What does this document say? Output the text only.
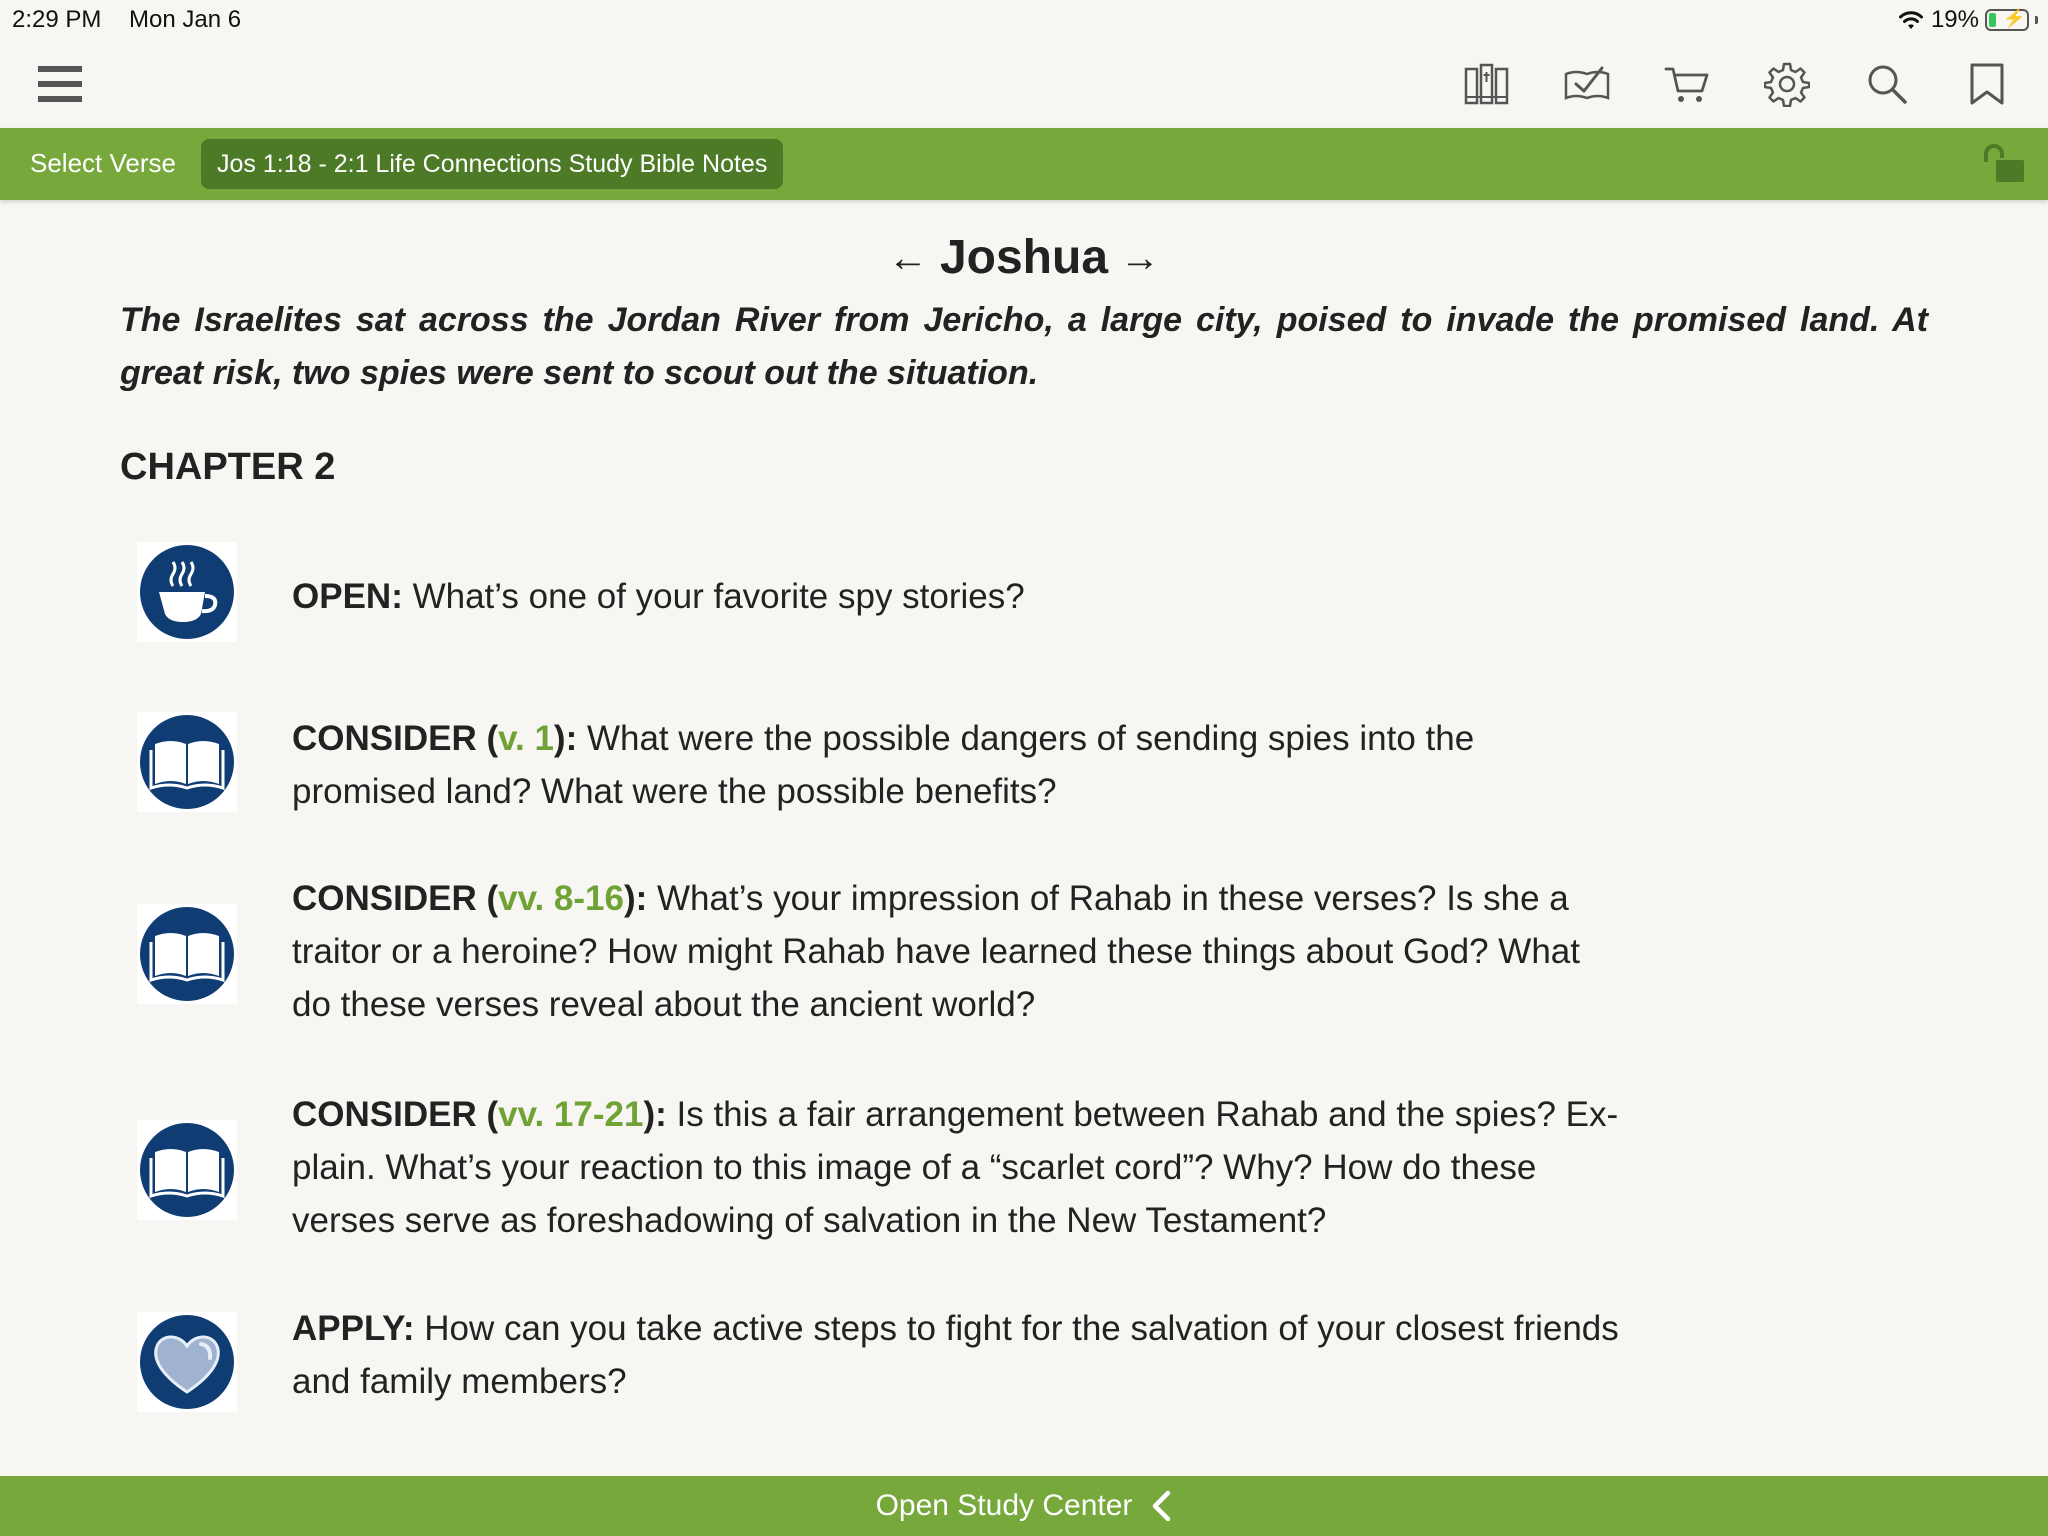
2:29 PM Mon Jan 6	19% ⚡
Select Verse	Jos 1:18 - 2:1 Life Connections Study Bible Notes
← Joshua →
The Israelites sat across the Jordan River from Jericho, a large city, poised to invade the promised land. At great risk, two spies were sent to scout out the situation.
CHAPTER 2
OPEN: What’s one of your favorite spy stories?
CONSIDER (v. 1): What were the possible dangers of sending spies into the promised land? What were the possible benefits?
CONSIDER (vv. 8-16): What’s your impression of Rahab in these verses? Is she a traitor or a heroine? How might Rahab have learned these things about God? What do these verses reveal about the ancient world?
CONSIDER (vv. 17-21): Is this a fair arrangement between Rahab and the spies? Explain. What’s your reaction to this image of a “scarlet cord”? Why? How do these verses serve as foreshadowing of salvation in the New Testament?
APPLY: How can you take active steps to fight for the salvation of your closest friends and family members?
Open Study Center
